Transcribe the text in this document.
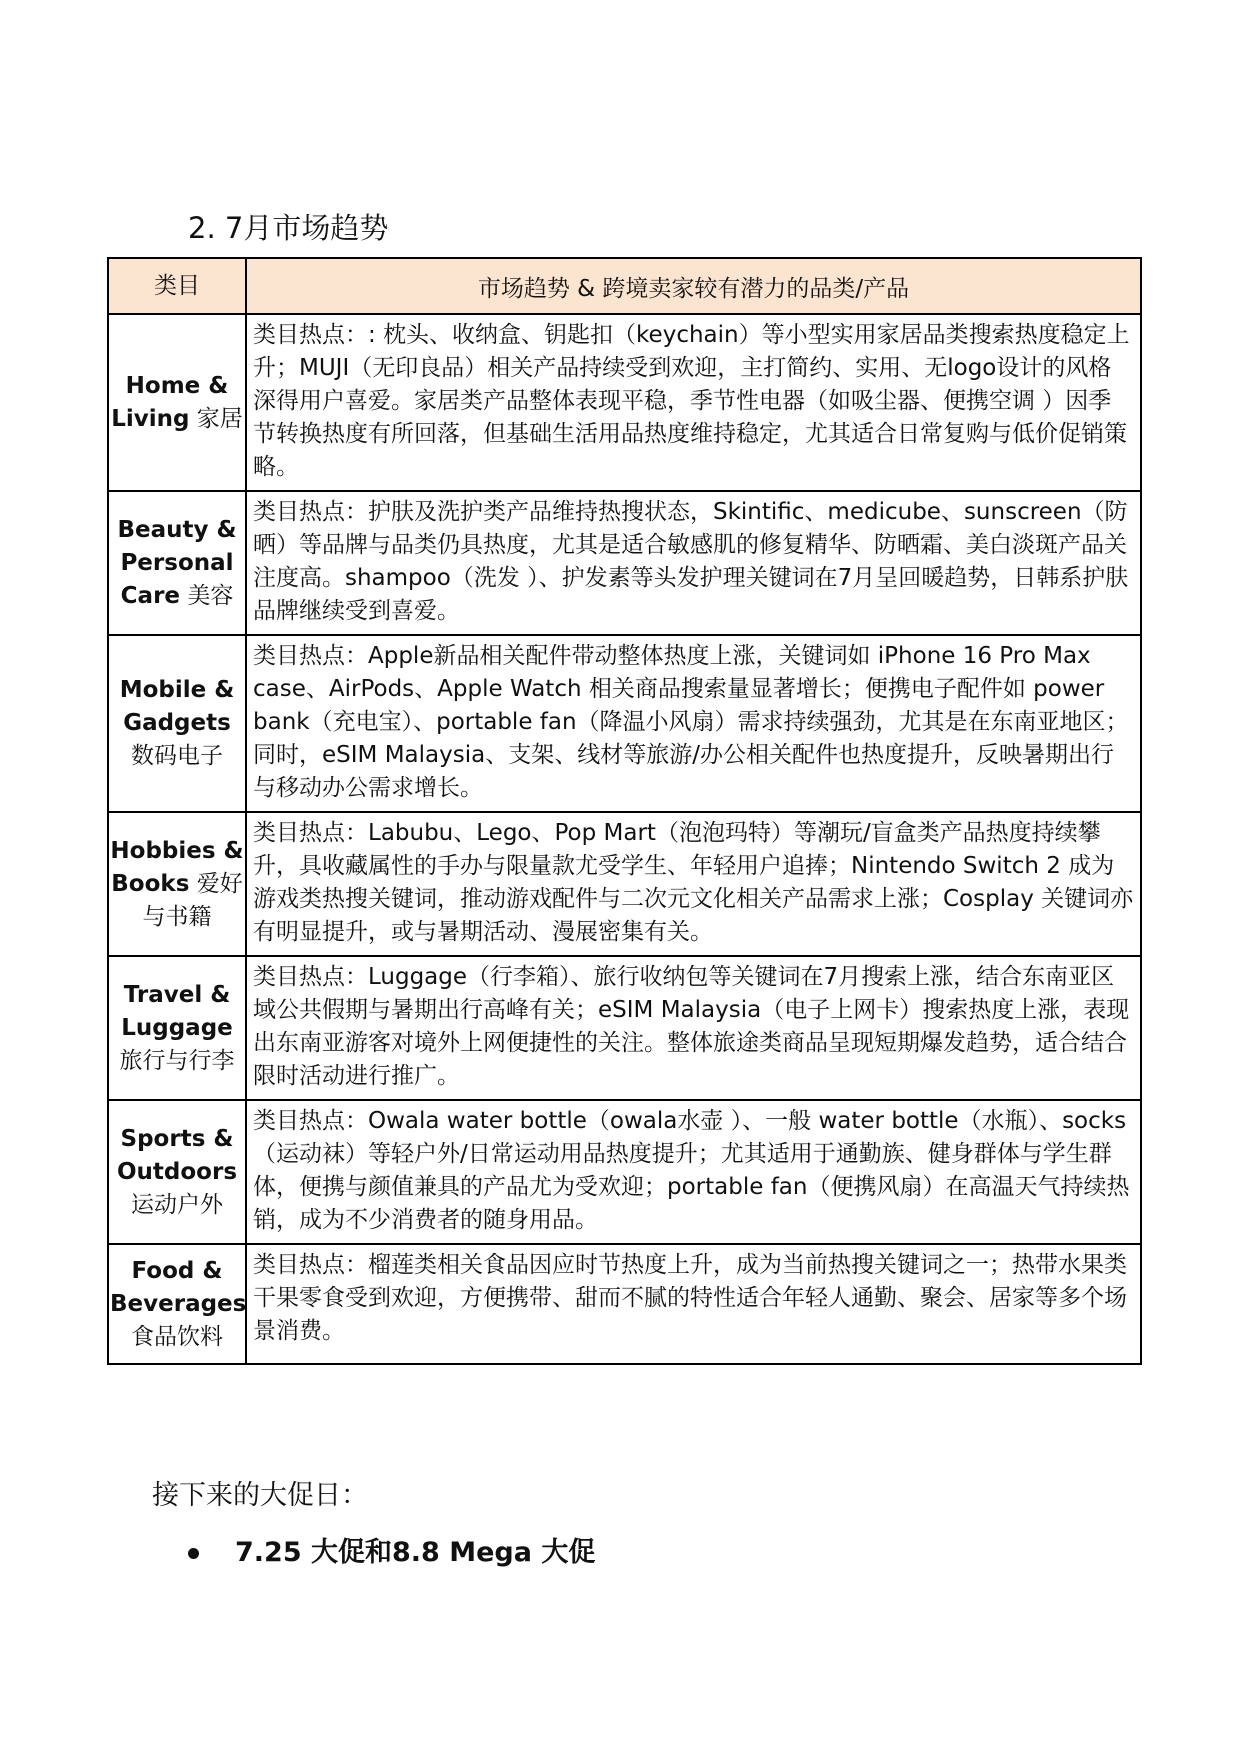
2. 7月市场趋势
类目	市场趋势 & 跨境卖家较有潜力的品类/产品
Home & Living 家居	类目热点：: 枕头、收纳盒、钥匙扣（keychain）等小型实用家居品类搜索热度稳定上升；MUJI（无印良品）相关产品持续受到欢迎，主打简约、实用、无logo设计的风格深得用户喜爱。家居类产品整体表现平稳，季节性电器（如吸尘器、便携空调 ）因季节转换热度有所回落，但基础生活用品热度维持稳定，尤其适合日常复购与低价促销策略。
Beauty & Personal Care 美容	类目热点：护肤及洗护类产品维持热搜状态，Skintific、medicube、sunscreen（防晒）等品牌与品类仍具热度，尤其是适合敏感肌的修复精华、防晒霜、美白淡斑产品关注度高。shampoo（洗发 ）、护发素等头发护理关键词在7月呈回暖趋势，日韩系护肤品牌继续受到喜爱。
Mobile & Gadgets 数码电子	类目热点：Apple新品相关配件带动整体热度上涨，关键词如 iPhone 16 Pro Max case、AirPods、Apple Watch 相关商品搜索量显著增长；便携电子配件如 power bank（充电宝）、portable fan（降温小风扇）需求持续强劲，尤其是在东南亚地区；同时，eSIM Malaysia、支架、线材等旅游/办公相关配件也热度提升，反映暑期出行与移动办公需求增长。
Hobbies & Books 爱好与书籍	类目热点：Labubu、Lego、Pop Mart（泡泡玛特）等潮玩/盲盒类产品热度持续攀升，具收藏属性的手办与限量款尤受学生、年轻用户追捧；Nintendo Switch 2 成为游戏类热搜关键词，推动游戏配件与二次元文化相关产品需求上涨；Cosplay 关键词亦有明显提升，或与暑期活动、漫展密集有关。
Travel & Luggage 旅行与行李	类目热点：Luggage（行李箱）、旅行收纳包等关键词在7月搜索上涨，结合东南亚区域公共假期与暑期出行高峰有关；eSIM Malaysia（电子上网卡）搜索热度上涨，表现出东南亚游客对境外上网便捷性的关注。整体旅途类商品呈现短期爆发趋势，适合结合限时活动进行推广。
Sports & Outdoors 运动户外	类目热点：Owala water bottle（owala水壶 ）、一般 water bottle（水瓶）、socks（运动袜）等轻户外/日常运动用品热度提升；尤其适用于通勤族、健身群体与学生群体，便携与颜值兼具的产品尤为受欢迎；portable fan（便携风扇）在高温天气持续热销，成为不少消费者的随身用品。
Food & Beverages 食品饮料	类目热点：榴莲类相关食品因应时节热度上升，成为当前热搜关键词之一；热带水果类干果零食受到欢迎，方便携带、甜而不腻的特性适合年轻人通勤、聚会、居家等多个场景消费。
接下来的大促日：
7.25 大促和8.8 Mega 大促
